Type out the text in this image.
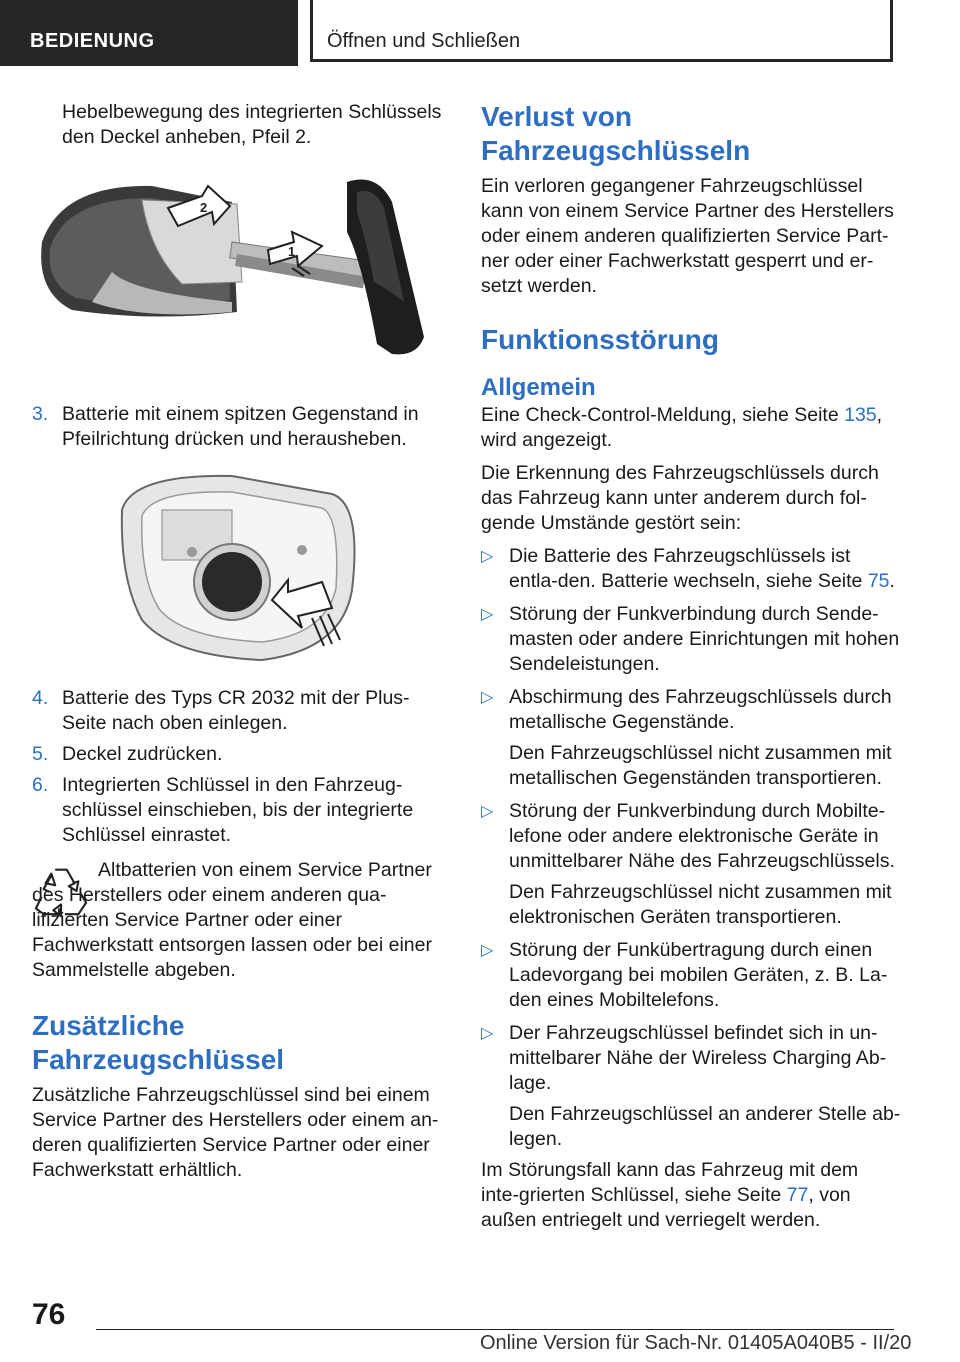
BEDIENUNG	Öffnen und Schließen

Hebelbewegung des integrierten Schlüssels den Deckel anheben, Pfeil 2.

2
1
3. Batterie mit einem spitzen Gegenstand in Pfeilrichtung drücken und herausheben.
4. Batterie des Typs CR 2032 mit der Plus-Seite nach oben einlegen.
5. Deckel zudrücken.
6. Integrierten Schlüssel in den Fahrzeug-schlüssel einschieben, bis der integrierte Schlüssel einrastet.

Altbatterien von einem Service Partner des Herstellers oder einem anderen qua-lifizierten Service Partner oder einer Fachwerkstatt entsorgen lassen oder bei einer Sammelstelle abgeben.

Zusätzliche Fahrzeugschlüssel

Zusätzliche Fahrzeugschlüssel sind bei einem Service Partner des Herstellers oder einem an-deren qualifizierten Service Partner oder einer Fachwerkstatt erhältlich.

Verlust von Fahrzeugschlüsseln

Ein verloren gegangener Fahrzeugschlüssel kann von einem Service Partner des Herstellers oder einem anderen qualifizierten Service Part-ner oder einer Fachwerkstatt gesperrt und er-setzt werden.

Funktionsstörung
Allgemein

Eine Check-Control-Meldung, siehe Seite 135, wird angezeigt.

Die Erkennung des Fahrzeugschlüssels durch das Fahrzeug kann unter anderem durch fol-gende Umstände gestört sein:

▷ Die Batterie des Fahrzeugschlüssels ist entla-den. Batterie wechseln, siehe Seite 75.
▷ Störung der Funkverbindung durch Sende-masten oder andere Einrichtungen mit hohen Sendeleistungen.
▷ Abschirmung des Fahrzeugschlüssels durch metallische Gegenstände.

Den Fahrzeugschlüssel nicht zusammen mit metallischen Gegenständen transportieren.

▷ Störung der Funkverbindung durch Mobilte-lefone oder andere elektronische Geräte in unmittelbarer Nähe des Fahrzeugschlüssels.

Den Fahrzeugschlüssel nicht zusammen mit elektronischen Geräten transportieren.

▷ Störung der Funkübertragung durch einen Ladevorgang bei mobilen Geräten, z. B. La-den eines Mobiltelefons.
▷ Der Fahrzeugschlüssel befindet sich in un-mittelbarer Nähe der Wireless Charging Ab-lage.

Den Fahrzeugschlüssel an anderer Stelle ab-legen.

Im Störungsfall kann das Fahrzeug mit dem inte-grierten Schlüssel, siehe Seite 77, von außen entriegelt und verriegelt werden.

76
Online Version für Sach-Nr. 01405A040B5 - II/20
